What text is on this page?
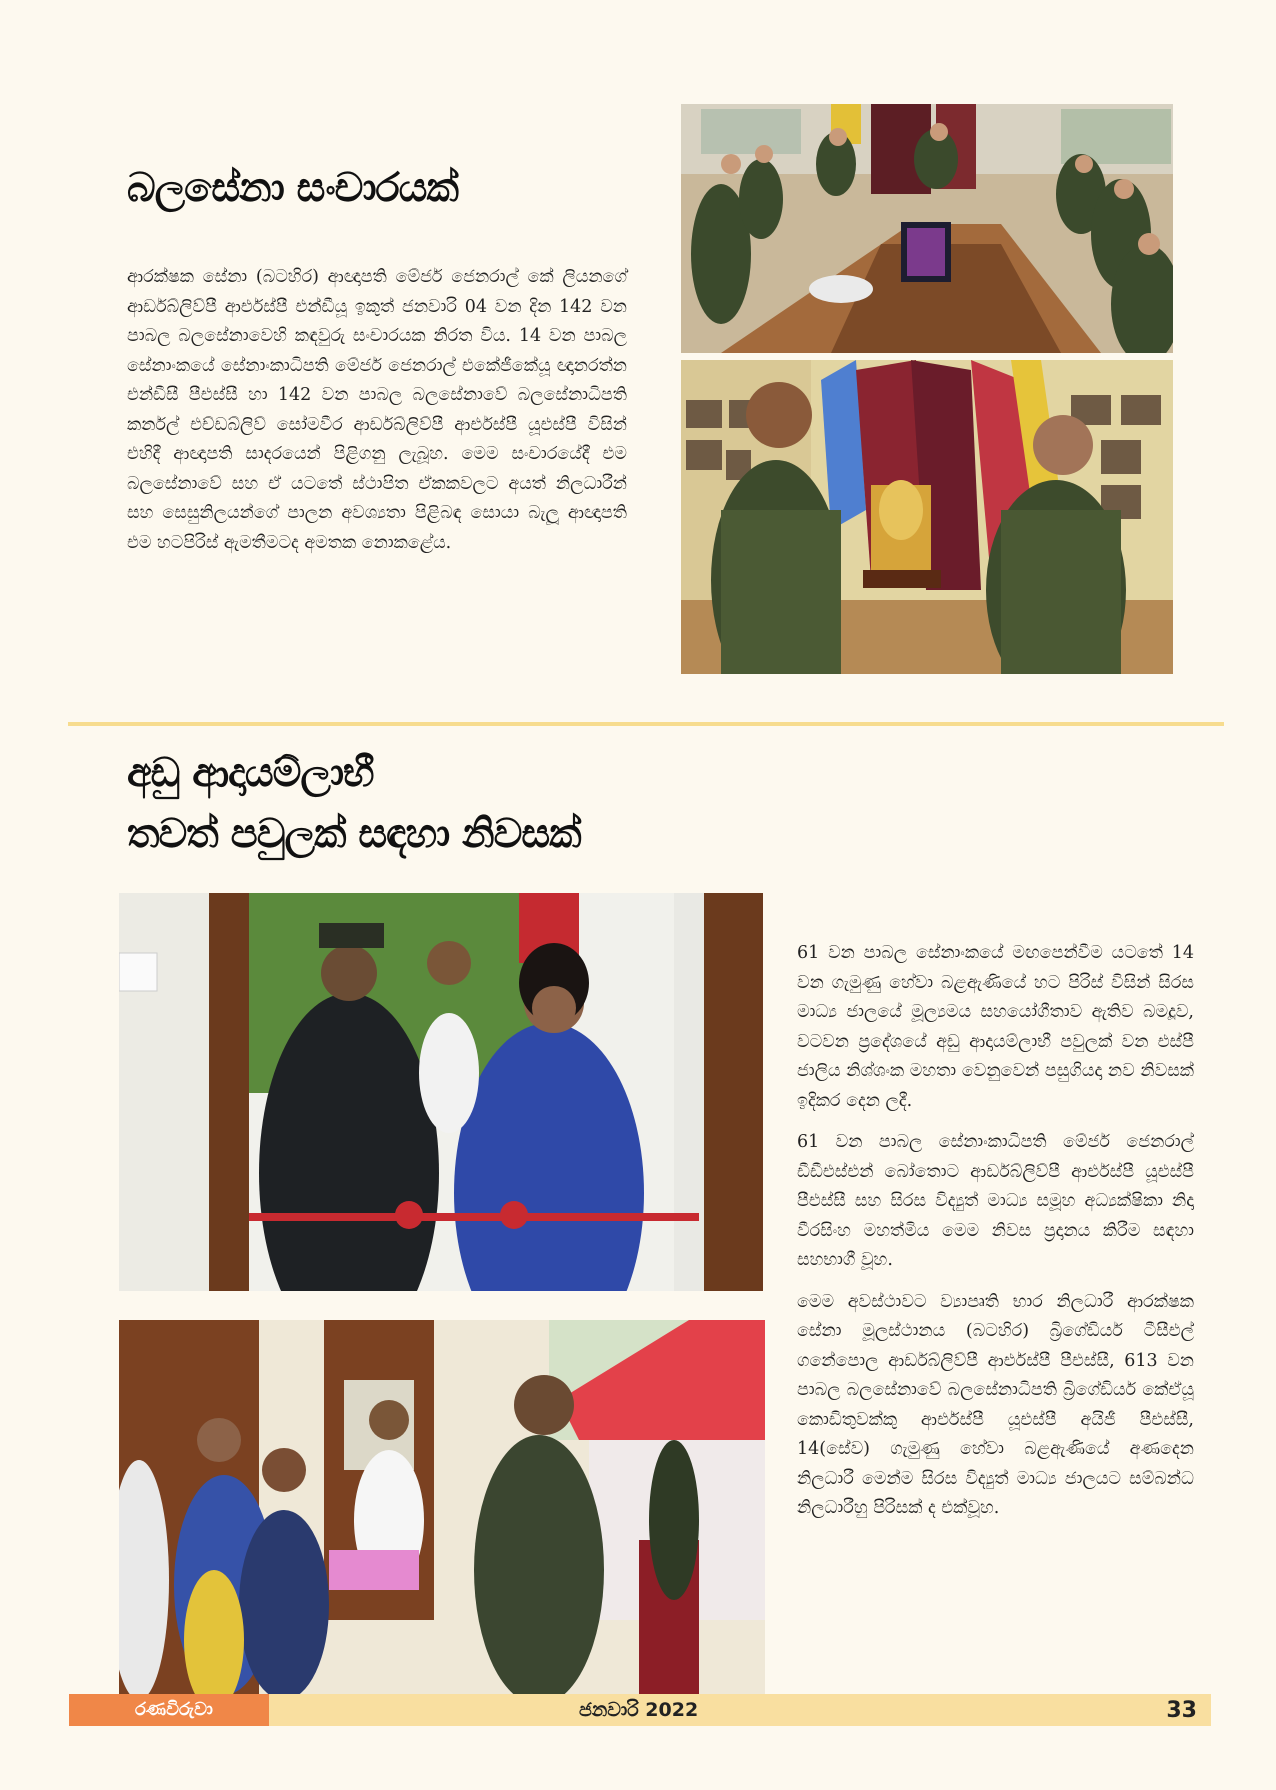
බලසේනා සංචාරයක්

ආරක්ෂක සේනා (බටහිර) ආඥාපති මේජර් ජෙනරාල් කේ ලියනගේ ආර්ඩබ්ලිව්පී ආර්එස්පී එන්ඩීයූ ඉකුත් ජනවාරි 04 වන දින 142 වන පාබල බලසේනාවෙහි කඳවුරු සංචාරයක නිරත විය. 14 වන පාබල සේනාංකයේ සේනාංකාධිපති මේජර් ජෙනරාල් එකේජීකේයූ ඥානරත්න එන්ඩීසී පීඑස්සී හා 142 වන පාබල බලසේනාවේ බලසේනාධිපති කර්නල් එච්ඩබ්ලිව් සෝමවීර ආර්ඩබ්ලිව්පී ආර්එස්පී යූඑස්පී විසින් එහිදී ආඥාපති සාදරයෙන් පිළිගනු ලැබූහ. මෙම සංචාරයේදී එම බලසේනාවේ සහ ඒ යටතේ ස්ථාපිත ඒකකවලට අයත් නිලධාරීන් සහ සෙසුනිලයන්ගේ පාලන අවශ්‍යතා පිළිබඳ සොයා බැලූ ආඥාපති එම හටපිරිස් ඇමතීමටද අමතක නොකළේය.

අඩු ආදායම්ලාභී
තවත් පවුලක් සඳහා නිවසක්

61 වන පාබල සේනාංකයේ මඟපෙන්වීම යටතේ 14 වන ගැමුණු හේවා බළඇණියේ හට පිරිස් විසින් සිරස මාධ්‍ය ජාලයේ මූල්‍යමය සහයෝගීතාව ඇතිව බමදූව, වටවන ප්‍රදේශයේ අඩු ආදායම්ලාභී පවුලක් වන එස්පී ජාලිය නිශ්ශංක මහතා වෙනුවෙන් පසුගියදා නව නිවසක් ඉදිකර දෙන ලදී.

61 වන පාබල සේනාංකාධිපති මේජර් ජෙනරාල් ඩීඩීඑස්එන් බෝතොට ආර්ඩබ්ලිව්පී ආර්එස්පී යූඑස්පී පීඑස්සී සහ සිරස විද්‍යුත් මාධ්‍ය සමූහ අධ්‍යක්ෂිකා නිදා වීරසිංහ මහත්මිය මෙම නිවස ප්‍රදානය කිරීම සඳහා සහභාගී වූහ.

මෙම අවස්ථාවට ව්‍යාපෘති භාර නිලධාරී ආරක්ෂක සේනා මූලස්ථානය (බටහිර) බ්‍රිගේඩියර් ටීසීඑල් ගනේපොල ආර්ඩබ්ලිව්පී ආර්එස්පී පීඑස්සී, 613 වන පාබල බලසේනාවේ බලසේනාධිපති බ්‍රිගේඩියර් කේඒයූ කොඩිතුවක්කු ආර්එස්පී යූඑස්පී අයිජී පීඑස්සී, 14(සේව) ගැමුණු හේවා බළඇණියේ අණදෙන නිලධාරී මෙන්ම සිරස විද්‍යුත් මාධ්‍ය ජාලයට සම්බන්ධ නිලධාරීහු පිරිසක් ද එක්වූහ.

රණවිරුවා	ජනවාරි 2022	33
